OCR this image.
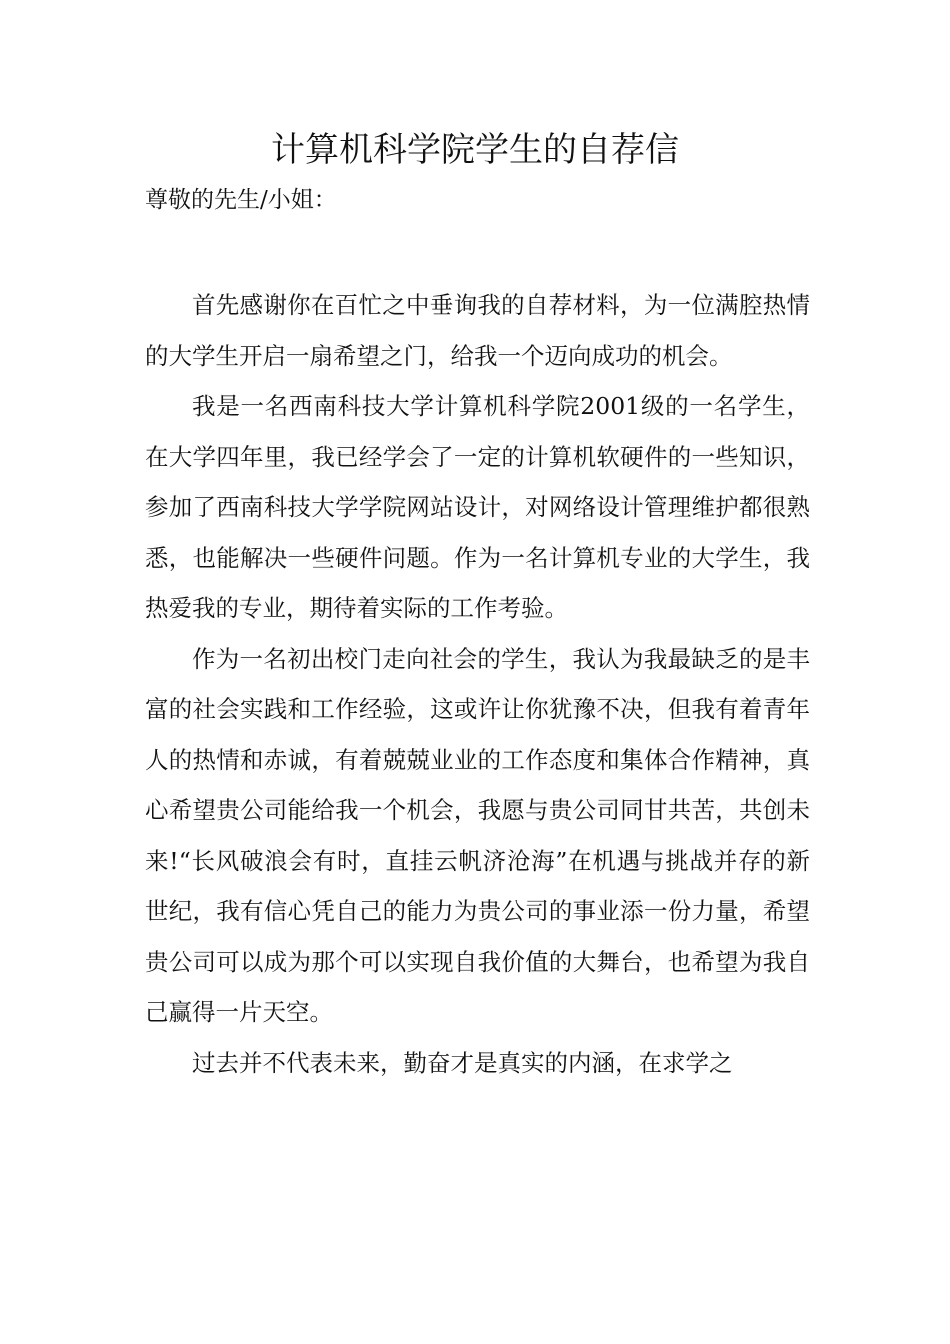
计算机科学院学生的自荐信
尊敬的先生/小姐：

首先感谢你在百忙之中垂询我的自荐材料，为一位满腔热情的大学生开启一扇希望之门，给我一个迈向成功的机会。

我是一名西南科技大学计算机科学院2001级的一名学生，在大学四年里，我已经学会了一定的计算机软硬件的一些知识，参加了西南科技大学学院网站设计，对网络设计管理维护都很熟悉，也能解决一些硬件问题。作为一名计算机专业的大学生，我热爱我的专业，期待着实际的工作考验。

作为一名初出校门走向社会的学生，我认为我最缺乏的是丰富的社会实践和工作经验，这或许让你犹豫不决，但我有着青年人的热情和赤诚，有着兢兢业业的工作态度和集体合作精神，真心希望贵公司能给我一个机会，我愿与贵公司同甘共苦，共创未来!“长风破浪会有时，直挂云帆济沧海”在机遇与挑战并存的新世纪，我有信心凭自己的能力为贵公司的事业添一份力量，希望贵公司可以成为那个可以实现自我价值的大舞台，也希望为我自己赢得一片天空。

过去并不代表未来，勤奋才是真实的内涵，在求学之
